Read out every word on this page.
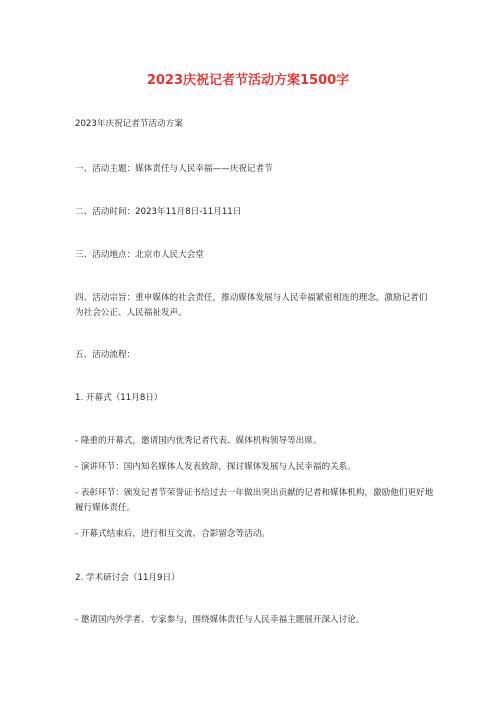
2023庆祝记者节活动方案1500字
2023年庆祝记者节活动方案
一、活动主题：媒体责任与人民幸福——庆祝记者节
二、活动时间：2023年11月8日-11月11日
三、活动地点：北京市人民大会堂
四、活动宗旨：重申媒体的社会责任，推动媒体发展与人民幸福紧密相连的理念，激励记者们为社会公正、人民福祉发声。
五、活动流程：
1. 开幕式（11月8日）
- 隆重的开幕式，邀请国内优秀记者代表、媒体机构领导等出席。
- 演讲环节：国内知名媒体人发表致辞，探讨媒体发展与人民幸福的关系。
- 表彰环节：颁发记者节荣誉证书给过去一年做出突出贡献的记者和媒体机构，激励他们更好地履行媒体责任。
- 开幕式结束后，进行相互交流、合影留念等活动。
2. 学术研讨会（11月9日）
- 邀请国内外学者、专家参与，围绕媒体责任与人民幸福主题展开深入讨论。
